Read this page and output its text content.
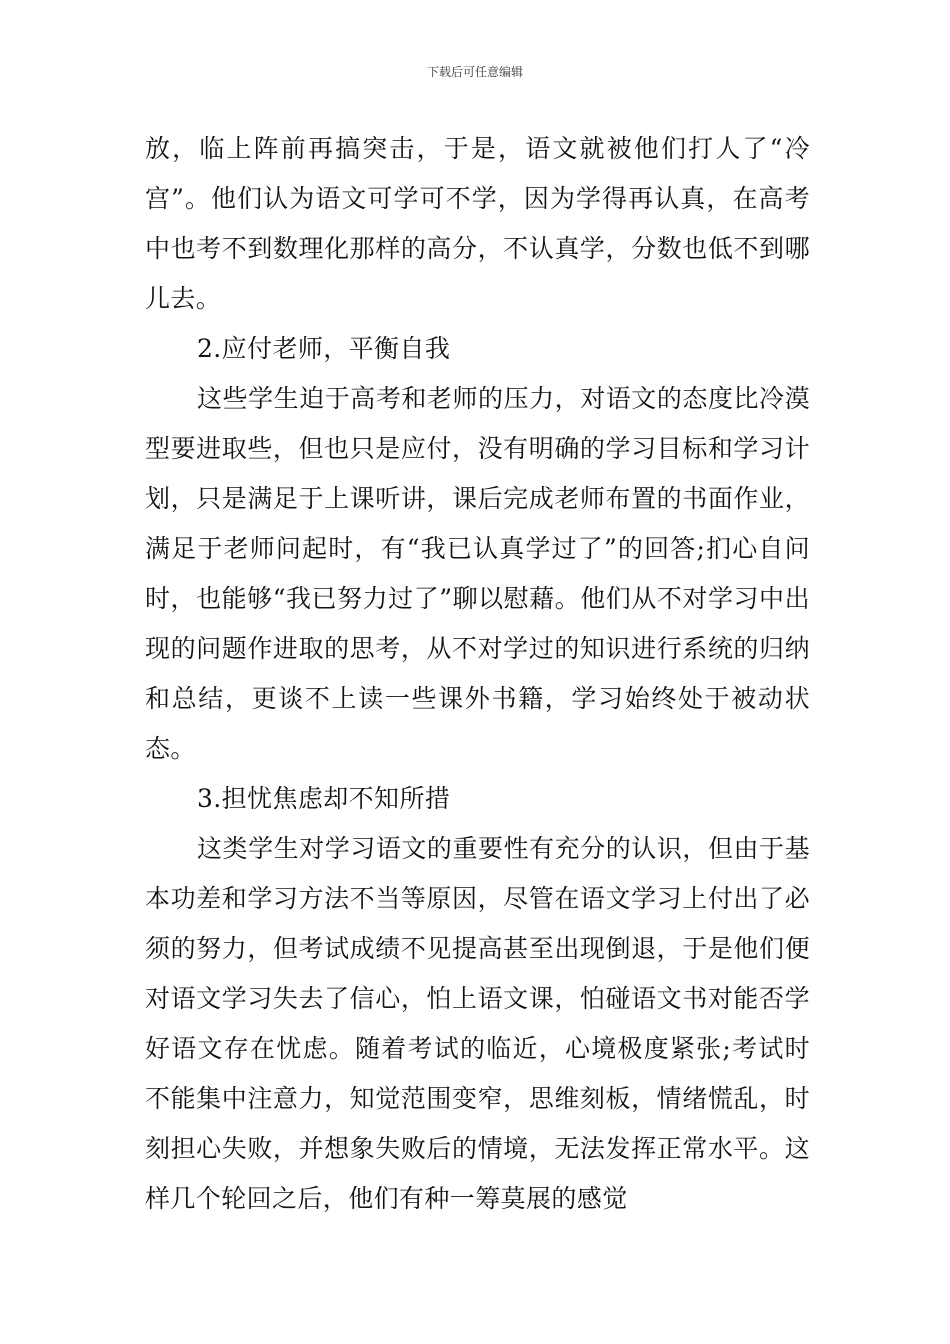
下载后可任意编辑

放，临上阵前再搞突击，于是，语文就被他们打人了“冷宫”。他们认为语文可学可不学，因为学得再认真，在高考中也考不到数理化那样的高分，不认真学，分数也低不到哪儿去。

2.应付老师，平衡自我

这些学生迫于高考和老师的压力，对语文的态度比冷漠型要进取些，但也只是应付，没有明确的学习目标和学习计划，只是满足于上课听讲，课后完成老师布置的书面作业，满足于老师问起时，有“我已认真学过了”的回答;扪心自问时，也能够“我已努力过了”聊以慰藉。他们从不对学习中出现的问题作进取的思考，从不对学过的知识进行系统的归纳和总结，更谈不上读一些课外书籍，学习始终处于被动状态。

3.担忧焦虑却不知所措

这类学生对学习语文的重要性有充分的认识，但由于基本功差和学习方法不当等原因，尽管在语文学习上付出了必须的努力，但考试成绩不见提高甚至出现倒退，于是他们便对语文学习失去了信心，怕上语文课，怕碰语文书对能否学好语文存在忧虑。随着考试的临近，心境极度紧张;考试时不能集中注意力，知觉范围变窄，思维刻板，情绪慌乱，时刻担心失败，并想象失败后的情境，无法发挥正常水平。这样几个轮回之后，他们有种一筹莫展的感觉
